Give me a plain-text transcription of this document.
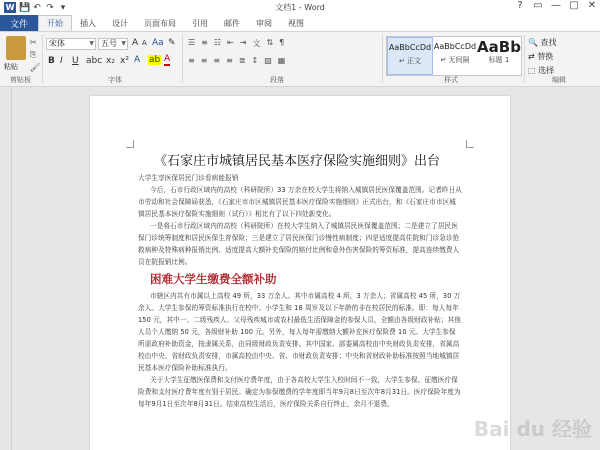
W 💾 ↶ ↷ ▾	文档1 - Word	?	▭ — □ ✕
文件	开始	插入	设计	页面布局	引用	邮件	审阅	视图
粘贴
✂
⎘
🖌
剪贴板
宋体	▼ 五号 ▼ A A Aa ✎
B I U abc x₂ x² A ab A
字体
☰ ≡ ☷ ⇤ ⇥ 文 ⇅ ¶
≡ ≡ ≡ ≡ ≣ ↕ ▨ ▦
段落
AaBbCcDd
↵ 正文
AaBbCcDd
↵ 无间隔
AaBb
标题 1
样式
🔍 查找
⇄ 替换
⬚ 选择
编辑
《石家庄市城镇居民基本医疗保险实施细则》出台
大学生享医保居民门诊看病能报销
今后，石市行政区域内的高校（科研院所）33 万余在校大学生将纳入城镇居民医保覆盖范围。记者昨日从市劳动和社会保障局获悉，《石家庄市市区城镇居民基本医疗保险实施细则》正式出台，和《石家庄市市区城镇居民基本医疗保险实施细则（试行）》相比有了以下四处新变化。
一是将石市行政区域内的高校（科研院所）在校大学生纳入了城镇居民医保覆盖范围；二是建立了居民医保门诊统筹制度和居民医保生育保险；三是建立了居民医保门诊慢性病制度；四是适度提高住院和门诊急诊抢救病种及特殊病种报销比例、适度提高大额补充保险的赔付比例和意外伤害保险的筹资标准，提高连续缴费人员在院报销比例。
困难大学生缴费全额补助
市辖区内共有市属以上高校 49 所，33 万余人。其中市属高校 4 所，3 万余人；省属高校 45 所，30 万余人。大学生参保的筹资标准执行在校中、小学生和 18 周岁及以下年龄的非在校居民的标准。即：每人每年 150 元，其中一、二级残疾人、父母残疾城市或农村最低生活保障金的参保人员，全额由各级财政补贴；其他人员个人缴纳 50 元，各级财补助 100 元。另外，每人每年需缴纳大额补充医疗保险费 10 元。大学生参保所需政府补助资金，按隶属关系，由同级财政负责安排。其中国家、部委属高校由中央财政负责安排，省属高校由中央、省财政负责安排，市属高校由中央、省、市财政负责安排；中央和省财政补助标准按照当地城镇居民基本医疗保险补助标准执行。
关于大学生征缴医保费和支付医疗费年度，由于各高校大学生入校时间不一致，大学生参保、征缴医疗保险费和支付医疗费年度有别于居民。确定为参保缴费的学年度即当年9月8日至次年8月31日。医疗保险年度为每年9月1日至次年8月31日。结束高校生活后，医疗保险关系自行终止，余月不退费。
Bai du 经验
